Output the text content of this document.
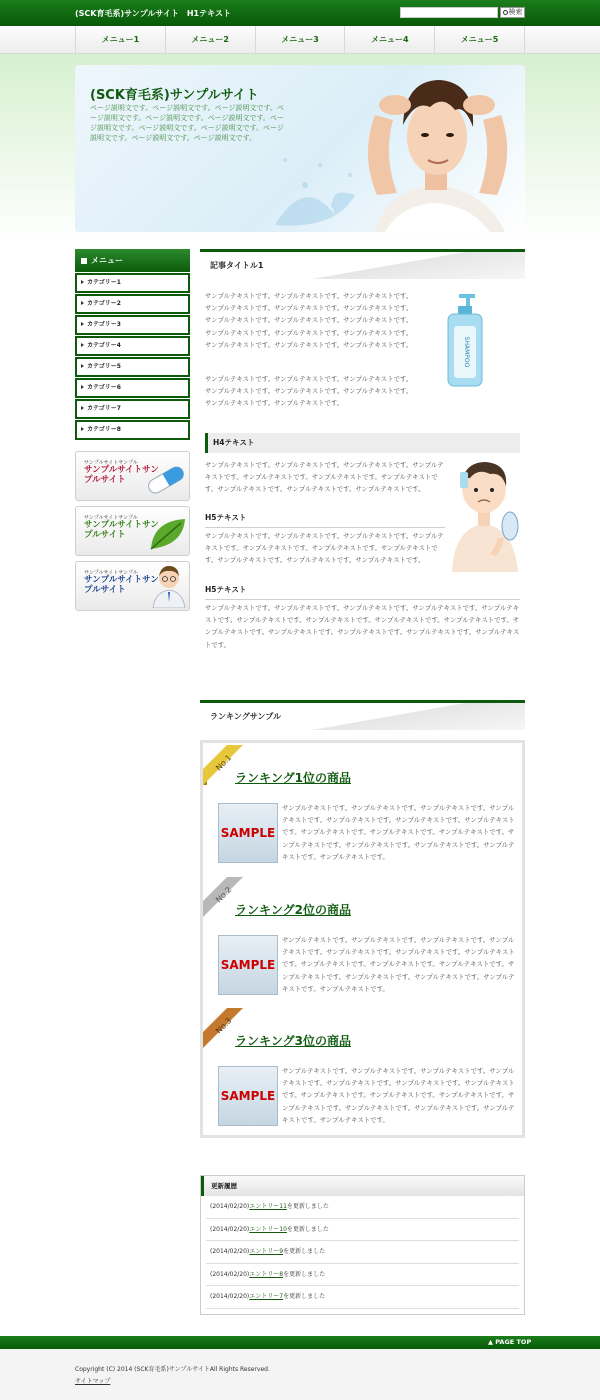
(SCK育毛系)サンプルサイト　H1テキスト	検索
メニュー1	メニュー2	メニュー3	メニュー4	メニュー5
(SCK育毛系)サンプルサイト
ページ説明文です。ページ説明文です。ページ説明文です。ページ説明文です。ページ説明文です。ページ説明文です。ページ説明文です。ページ説明文です。ページ説明文です。ページ説明文です。ページ説明文です。ページ説明文です。
メニュー
カテゴリー1
カテゴリー2
カテゴリー3
カテゴリー4
カテゴリー5
カテゴリー6
カテゴリー7
カテゴリー8
サンプルサイトサンプル
サンプルサイトサンプルサイト
サンプルサイトサンプル
サンプルサイトサンプルサイト
サンプルサイトサンプル
サンプルサイトサンプルサイト
記事タイトル1
サンプルテキストです。サンプルテキストです。サンプルテキストです。サンプルテキストです。サンプルテキストです。サンプルテキストです。サンプルテキストです。サンプルテキストです。サンプルテキストです。サンプルテキストです。サンプルテキストです。サンプルテキストです。サンプルテキストです。サンプルテキストです。サンプルテキストです。
サンプルテキストです。サンプルテキストです。サンプルテキストです。サンプルテキストです。サンプルテキストです。サンプルテキストです。サンプルテキストです。サンプルテキストです。
SHAMPOO
H4テキスト
サンプルテキストです。サンプルテキストです。サンプルテキストです。サンプルテキストです。サンプルテキストです。サンプルテキストです。サンプルテキストです。サンプルテキストです。サンプルテキストです。サンプルテキストです。
H5テキスト
サンプルテキストです。サンプルテキストです。サンプルテキストです。サンプルテキストです。サンプルテキストです。サンプルテキストです。サンプルテキストです。サンプルテキストです。サンプルテキストです。サンプルテキストです。
H5テキスト
サンプルテキストです。サンプルテキストです。サンプルテキストです。サンプルテキストです。サンプルテキストです。サンプルテキストです。サンプルテキストです。サンプルテキストです。サンプルテキストです。サンプルテキストです。サンプルテキストです。サンプルテキストです。サンプルテキストです。サンプルテキストです。
ランキングサンプル
No.1
ランキング1位の商品
SAMPLE
サンプルテキストです。サンプルテキストです。サンプルテキストです。サンプルテキストです。サンプルテキストです。サンプルテキストです。サンプルテキストです。サンプルテキストです。サンプルテキストです。サンプルテキストです。サンプルテキストです。サンプルテキストです。サンプルテキストです。サンプルテキストです。サンプルテキストです。
No.2
ランキング2位の商品
SAMPLE
サンプルテキストです。サンプルテキストです。サンプルテキストです。サンプルテキストです。サンプルテキストです。サンプルテキストです。サンプルテキストです。サンプルテキストです。サンプルテキストです。サンプルテキストです。サンプルテキストです。サンプルテキストです。サンプルテキストです。サンプルテキストです。サンプルテキストです。
No.3
ランキング3位の商品
SAMPLE
サンプルテキストです。サンプルテキストです。サンプルテキストです。サンプルテキストです。サンプルテキストです。サンプルテキストです。サンプルテキストです。サンプルテキストです。サンプルテキストです。サンプルテキストです。サンプルテキストです。サンプルテキストです。サンプルテキストです。サンプルテキストです。サンプルテキストです。
更新履歴
(2014/02/20)エントリー11を更新しました
(2014/02/20)エントリー10を更新しました
(2014/02/20)エントリー9を更新しました
(2014/02/20)エントリー8を更新しました
(2014/02/20)エントリー7を更新しました
▲ PAGE TOP
Copyright (C) 2014 (SCK育毛系)サンプルサイトAll Rights Reserved.
サイトマップ
